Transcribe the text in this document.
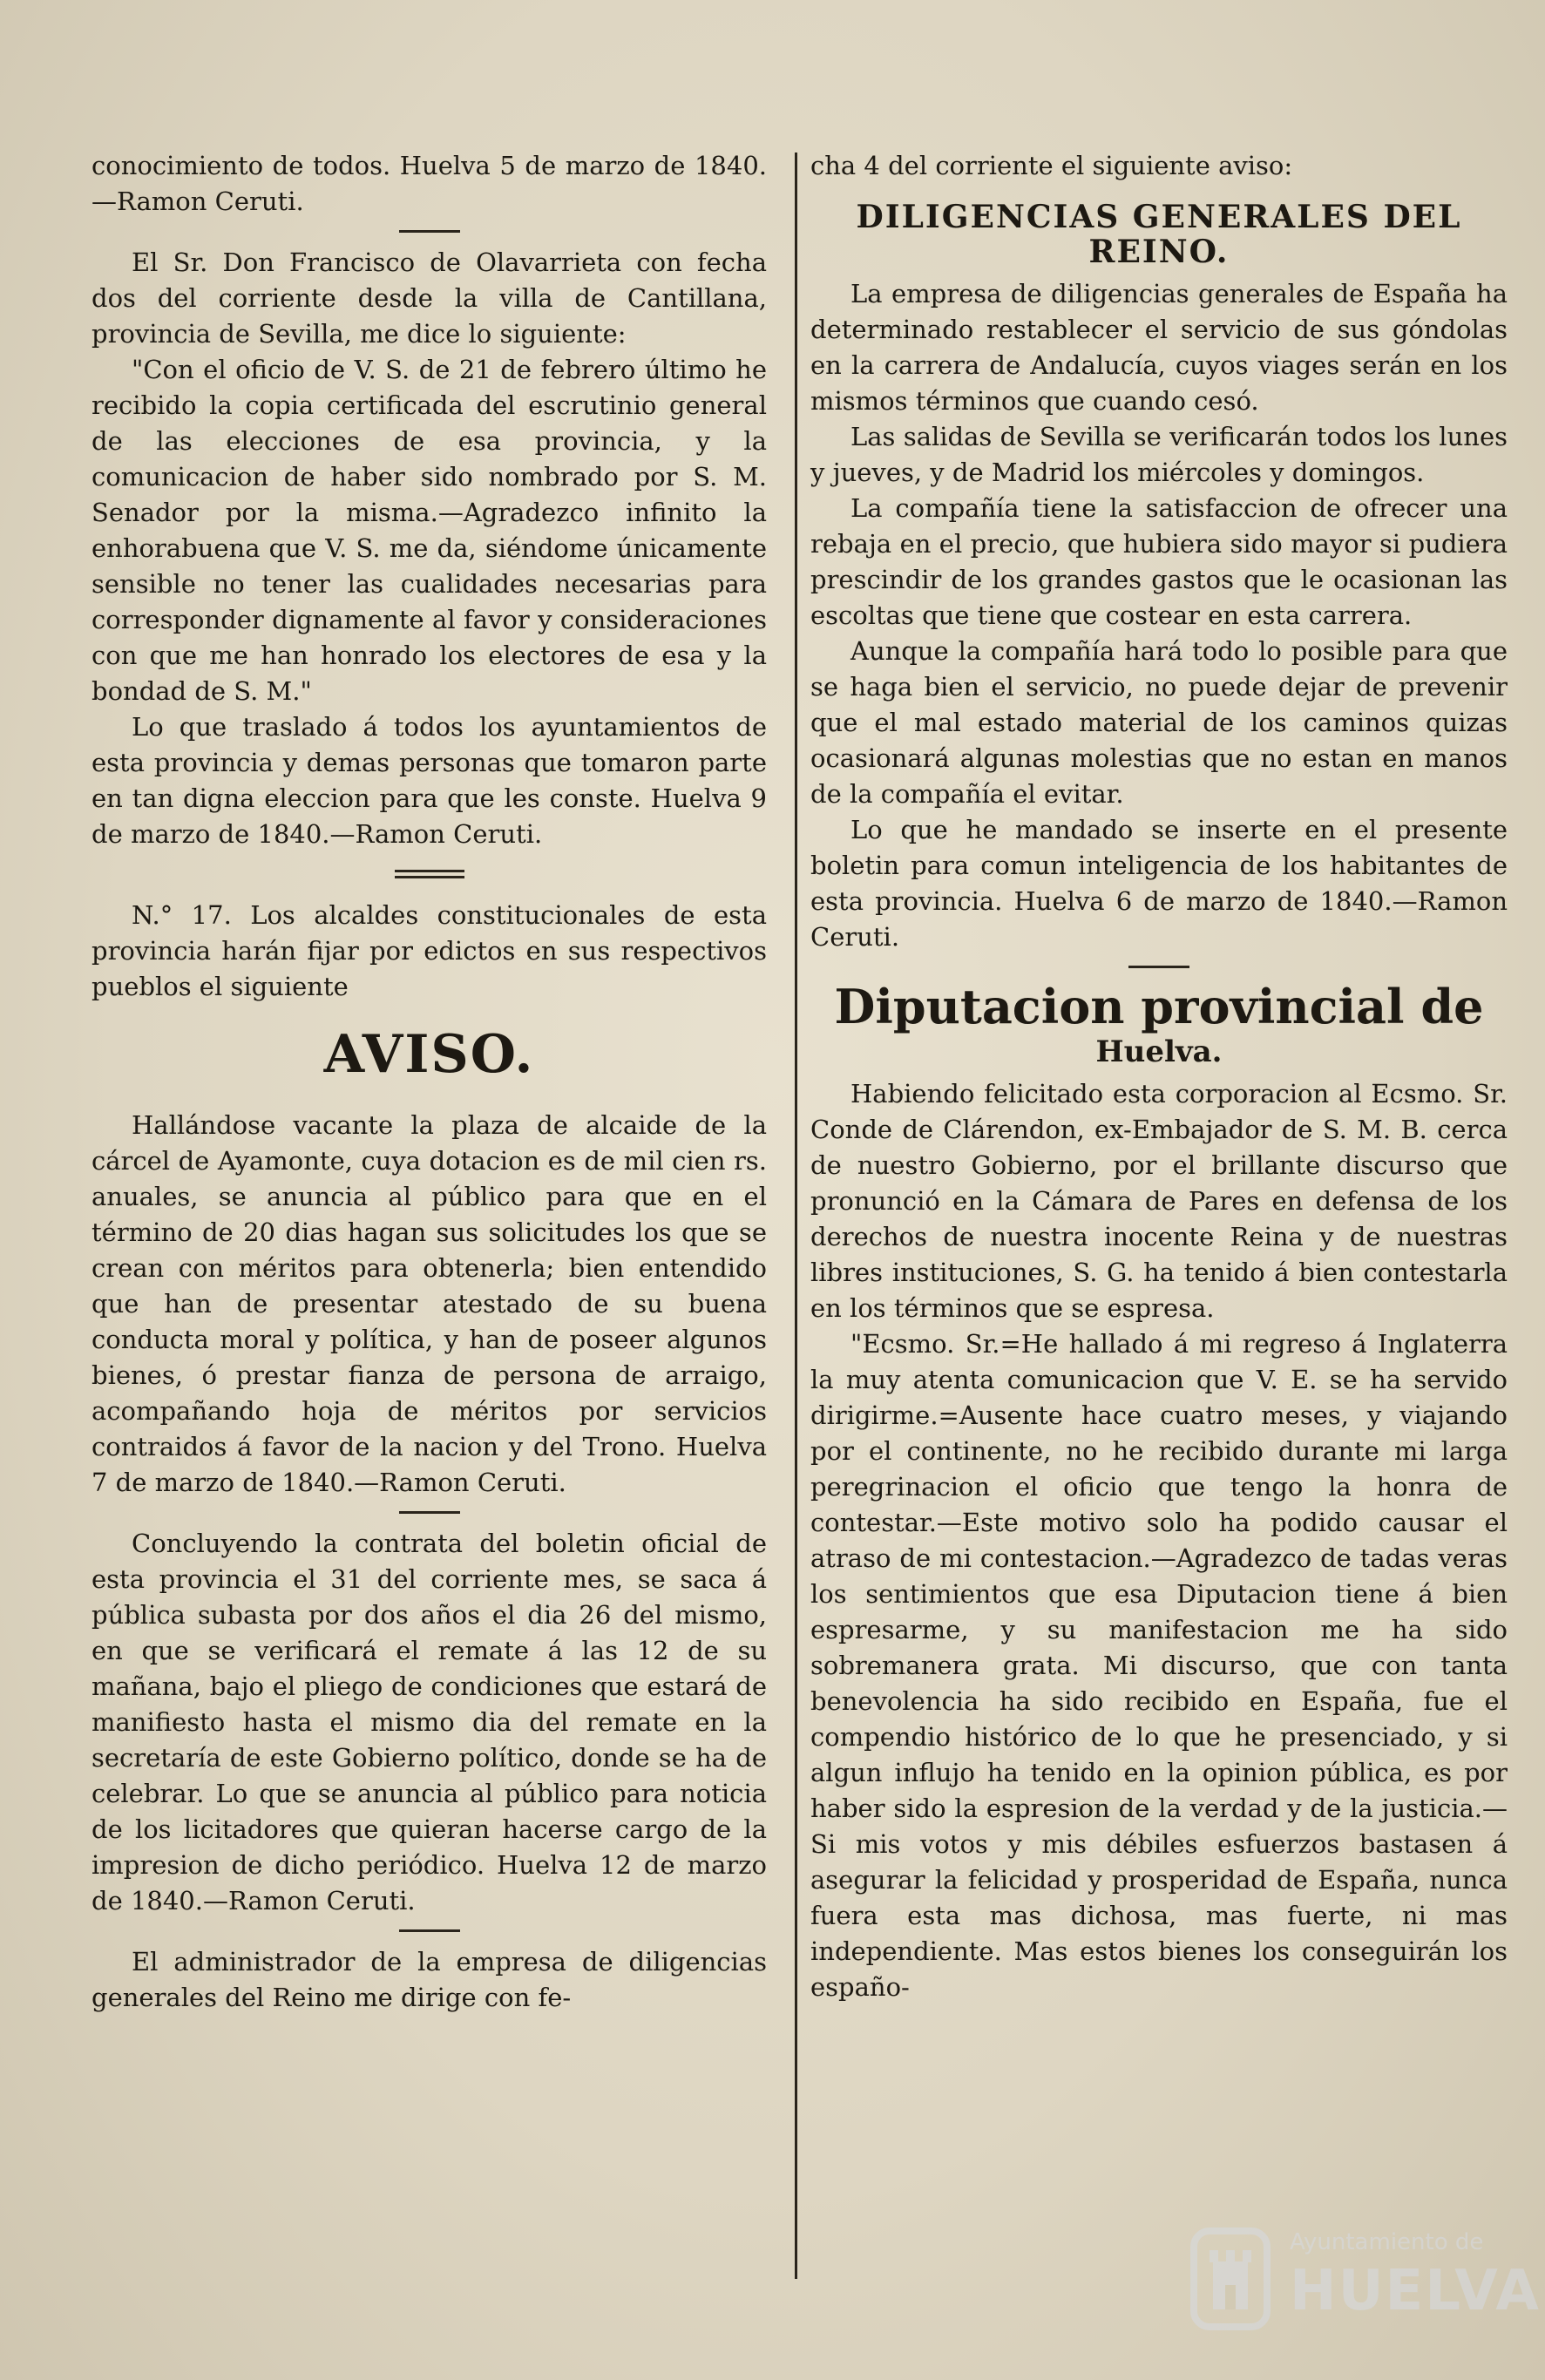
conocimiento de todos. Huelva 5 de marzo de 1840.—Ramon Ceruti.

El Sr. Don Francisco de Olavarrieta con fecha dos del corriente desde la villa de Cantillana, provincia de Sevilla, me dice lo siguiente:

"Con el oficio de V. S. de 21 de febrero último he recibido la copia certificada del escrutinio general de las elecciones de esa provincia, y la comunicacion de haber sido nombrado por S. M. Senador por la misma.—Agradezco infinito la enhorabuena que V. S. me da, siéndome únicamente sensible no tener las cualidades necesarias para corresponder dignamente al favor y consideraciones con que me han honrado los electores de esa y la bondad de S. M."

Lo que traslado á todos los ayuntamientos de esta provincia y demas personas que tomaron parte en tan digna eleccion para que les conste. Huelva 9 de marzo de 1840.—Ramon Ceruti.

N.° 17. Los alcaldes constitucionales de esta provincia harán fijar por edictos en sus respectivos pueblos el siguiente

AVISO.

Hallándose vacante la plaza de alcaide de la cárcel de Ayamonte, cuya dotacion es de mil cien rs. anuales, se anuncia al público para que en el término de 20 dias hagan sus solicitudes los que se crean con méritos para obtenerla; bien entendido que han de presentar atestado de su buena conducta moral y política, y han de poseer algunos bienes, ó prestar fianza de persona de arraigo, acompañando hoja de méritos por servicios contraidos á favor de la nacion y del Trono. Huelva 7 de marzo de 1840.—Ramon Ceruti.

Concluyendo la contrata del boletin oficial de esta provincia el 31 del corriente mes, se saca á pública subasta por dos años el dia 26 del mismo, en que se verificará el remate á las 12 de su mañana, bajo el pliego de condiciones que estará de manifiesto hasta el mismo dia del remate en la secretaría de este Gobierno político, donde se ha de celebrar. Lo que se anuncia al público para noticia de los licitadores que quieran hacerse cargo de la impresion de dicho periódico. Huelva 12 de marzo de 1840.—Ramon Ceruti.

El administrador de la empresa de diligencias generales del Reino me dirige con fe-

cha 4 del corriente el siguiente aviso:

DILIGENCIAS GENERALES DEL REINO.

La empresa de diligencias generales de España ha determinado restablecer el servicio de sus góndolas en la carrera de Andalucía, cuyos viages serán en los mismos términos que cuando cesó.

Las salidas de Sevilla se verificarán todos los lunes y jueves, y de Madrid los miércoles y domingos.

La compañía tiene la satisfaccion de ofrecer una rebaja en el precio, que hubiera sido mayor si pudiera prescindir de los grandes gastos que le ocasionan las escoltas que tiene que costear en esta carrera.

Aunque la compañía hará todo lo posible para que se haga bien el servicio, no puede dejar de prevenir que el mal estado material de los caminos quizas ocasionará algunas molestias que no estan en manos de la compañía el evitar.

Lo que he mandado se inserte en el presente boletin para comun inteligencia de los habitantes de esta provincia. Huelva 6 de marzo de 1840.—Ramon Ceruti.

Diputacion provincial de
Huelva.

Habiendo felicitado esta corporacion al Ecsmo. Sr. Conde de Clárendon, ex-Embajador de S. M. B. cerca de nuestro Gobierno, por el brillante discurso que pronunció en la Cámara de Pares en defensa de los derechos de nuestra inocente Reina y de nuestras libres instituciones, S. G. ha tenido á bien contestarla en los términos que se espresa.

"Ecsmo. Sr.=He hallado á mi regreso á Inglaterra la muy atenta comunicacion que V. E. se ha servido dirigirme.=Ausente hace cuatro meses, y viajando por el continente, no he recibido durante mi larga peregrinacion el oficio que tengo la honra de contestar.—Este motivo solo ha podido causar el atraso de mi contestacion.—Agradezco de tadas veras los sentimientos que esa Diputacion tiene á bien espresarme, y su manifestacion me ha sido sobremanera grata. Mi discurso, que con tanta benevolencia ha sido recibido en España, fue el compendio histórico de lo que he presenciado, y si algun influjo ha tenido en la opinion pública, es por haber sido la espresion de la verdad y de la justicia.—Si mis votos y mis débiles esfuerzos bastasen á asegurar la felicidad y prosperidad de España, nunca fuera esta mas dichosa, mas fuerte, ni mas independiente. Mas estos bienes los conseguirán los españo-

Ayuntamiento de
HUELVA
